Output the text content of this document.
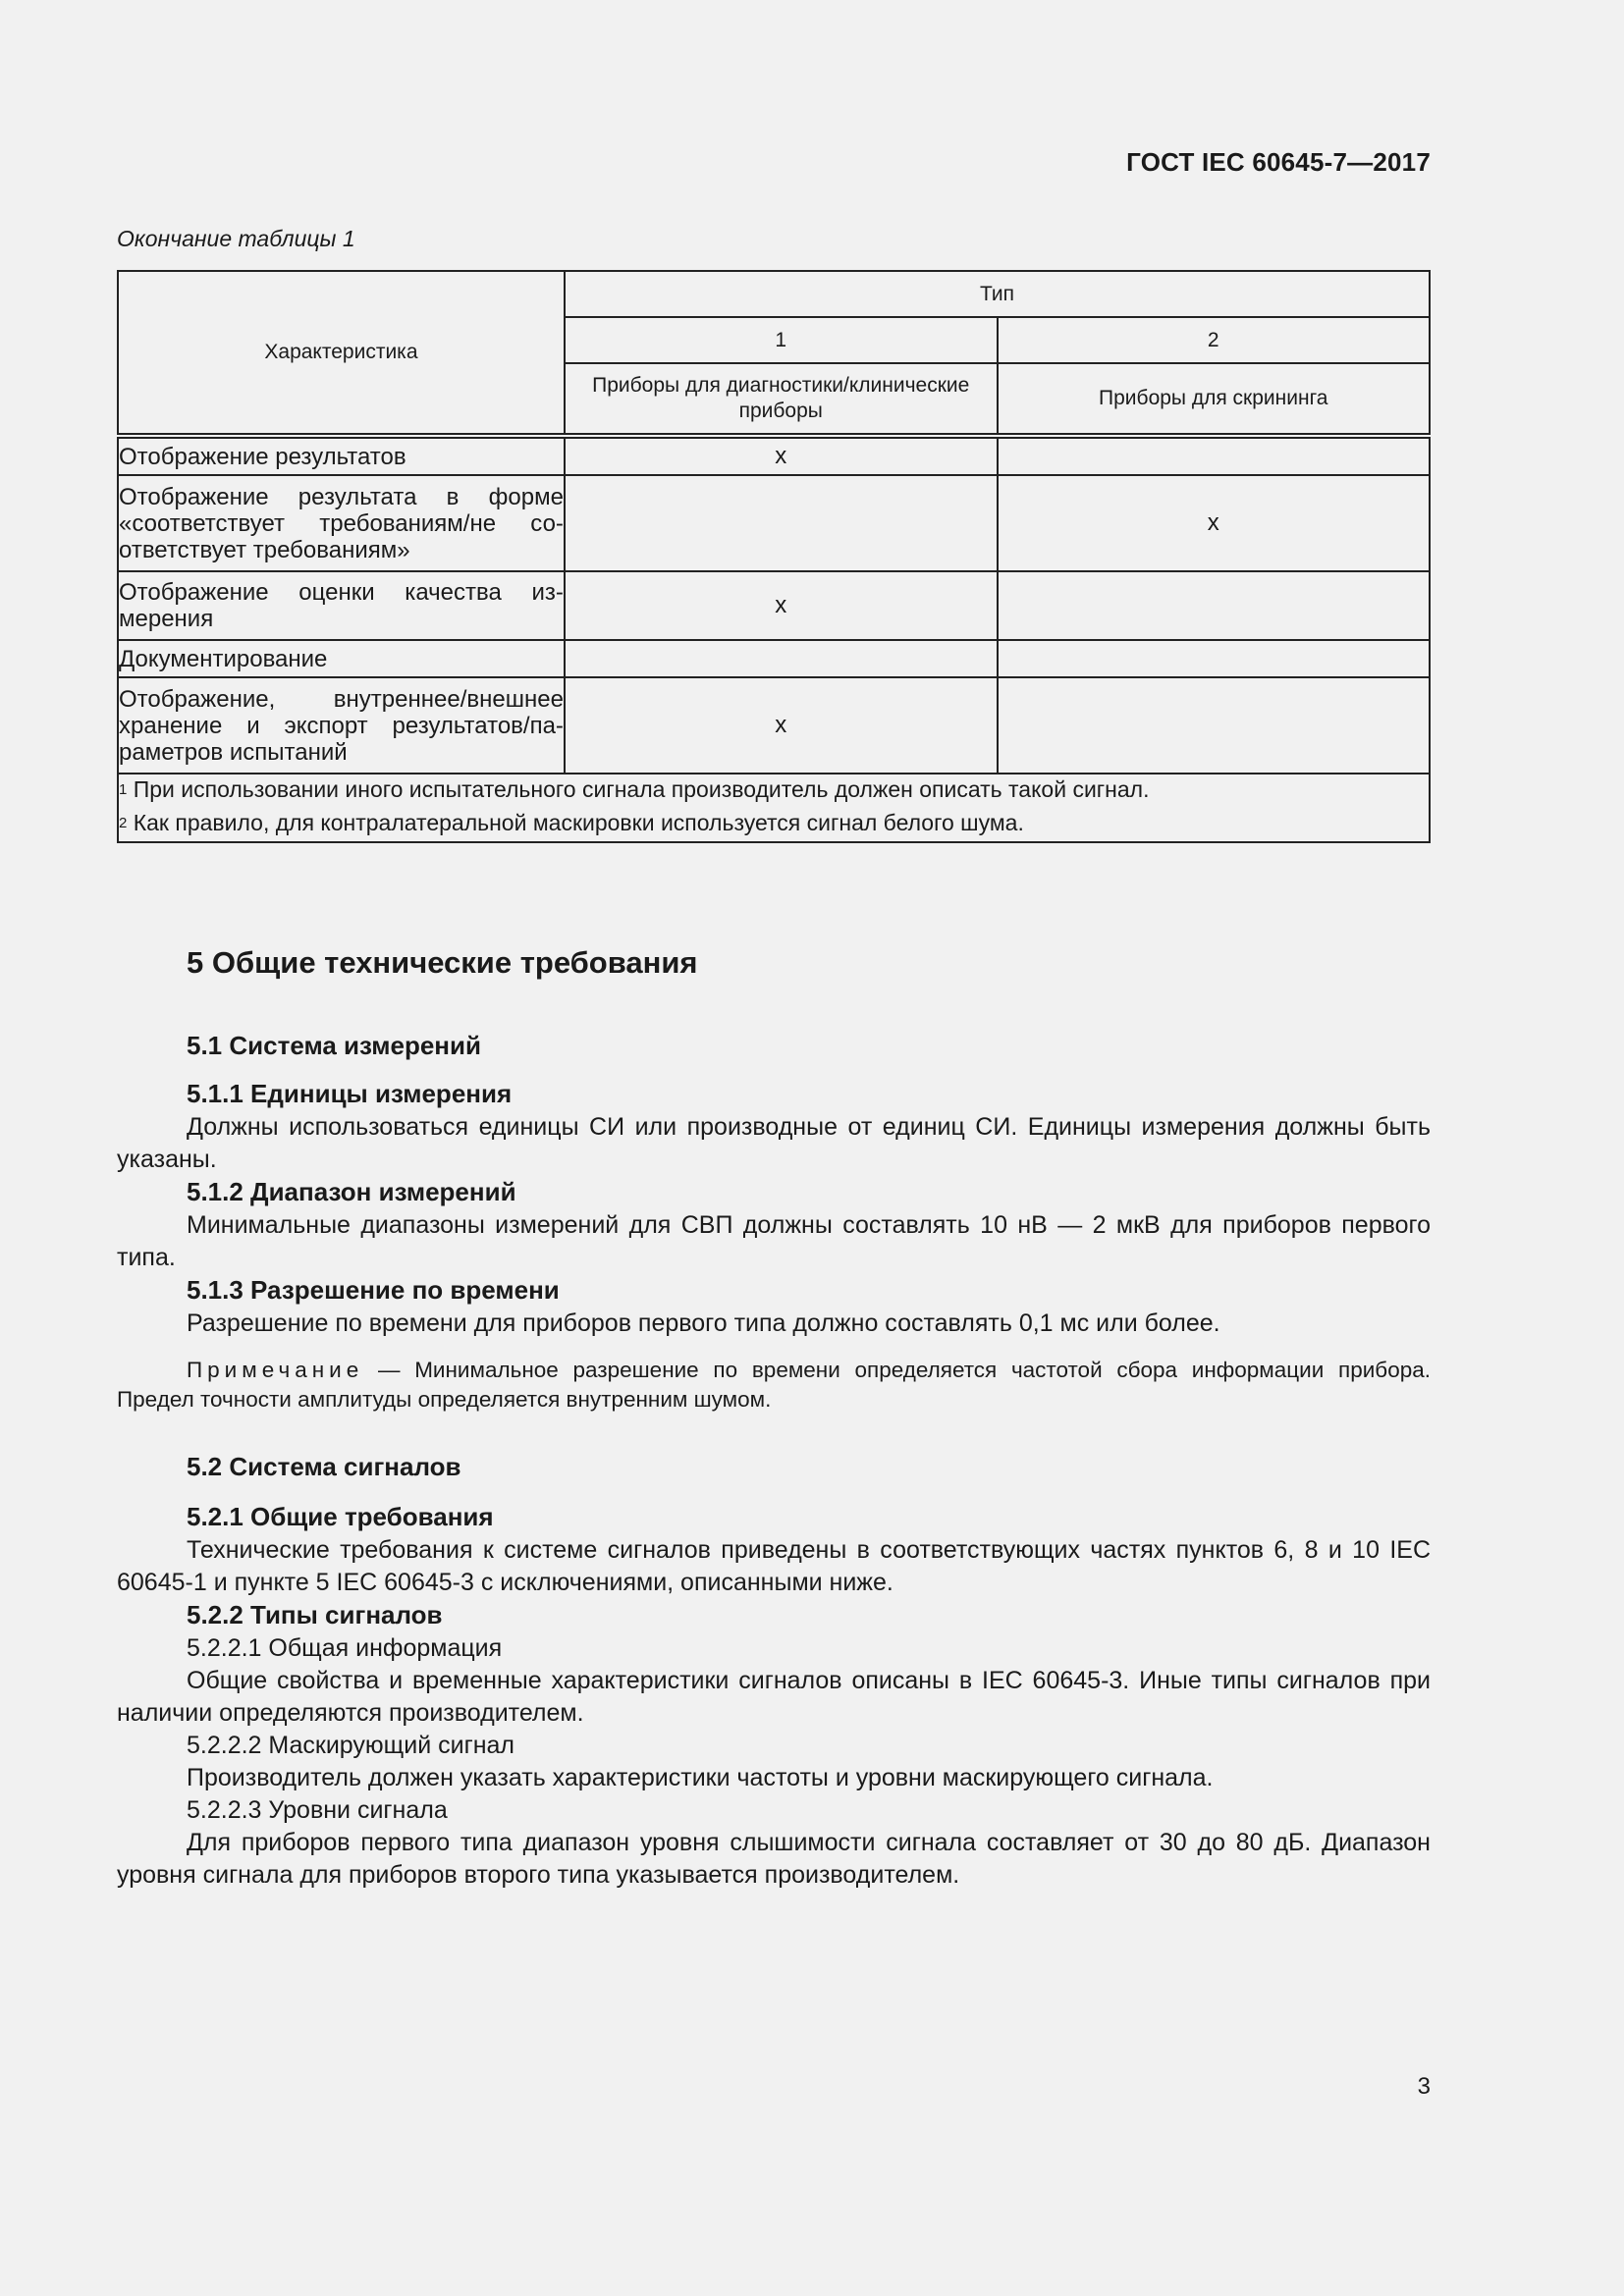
ГОСТ IEC 60645-7—2017
Окончание таблицы 1
Характеристика	Тип	
	1	2
	Приборы для диагностики/клинические приборы	Приборы для скрининга
Отображение результатов	х	
Отображение результата в форме «соответствует требованиям/не со-ответствует требованиям»		х
Отображение оценки качества из-мерения	х	
Документирование		
Отображение, внутреннее/внешнее хранение и экспорт результатов/па-раметров испытаний	х	

$^1$ При использовании иного испытательного сигнала производитель должен описать такой сигнал.
$^2$ Как правило, для контралатеральной маскировки используется сигнал белого шума.		
5 Общие технические требования
5.1 Система измерений
5.1.1 Единицы измерения
Должны использоваться единицы СИ или производные от единиц СИ. Единицы измерения должны быть указаны.
5.1.2 Диапазон измерений
Минимальные диапазоны измерений для СВП должны составлять 10 нВ — 2 мкВ для приборов первого типа.
5.1.3 Разрешение по времени
Разрешение по времени для приборов первого типа должно составлять 0,1 мс или более.
Примечание — Минимальное разрешение по времени определяется частотой сбора информации прибора. Предел точности амплитуды определяется внутренним шумом.
5.2 Система сигналов
5.2.1 Общие требования
Технические требования к системе сигналов приведены в соответствующих частях пунктов 6, 8 и 10 IEC 60645-1 и пункте 5 IEC 60645-3 с исключениями, описанными ниже.
5.2.2 Типы сигналов
5.2.2.1 Общая информация
Общие свойства и временные характеристики сигналов описаны в IEC 60645-3. Иные типы сигналов при наличии определяются производителем.
5.2.2.2 Маскирующий сигнал
Производитель должен указать характеристики частоты и уровни маскирующего сигнала.
5.2.2.3 Уровни сигнала
Для приборов первого типа диапазон уровня слышимости сигнала составляет от 30 до 80 дБ. Диапазон уровня сигнала для приборов второго типа указывается производителем.
3
